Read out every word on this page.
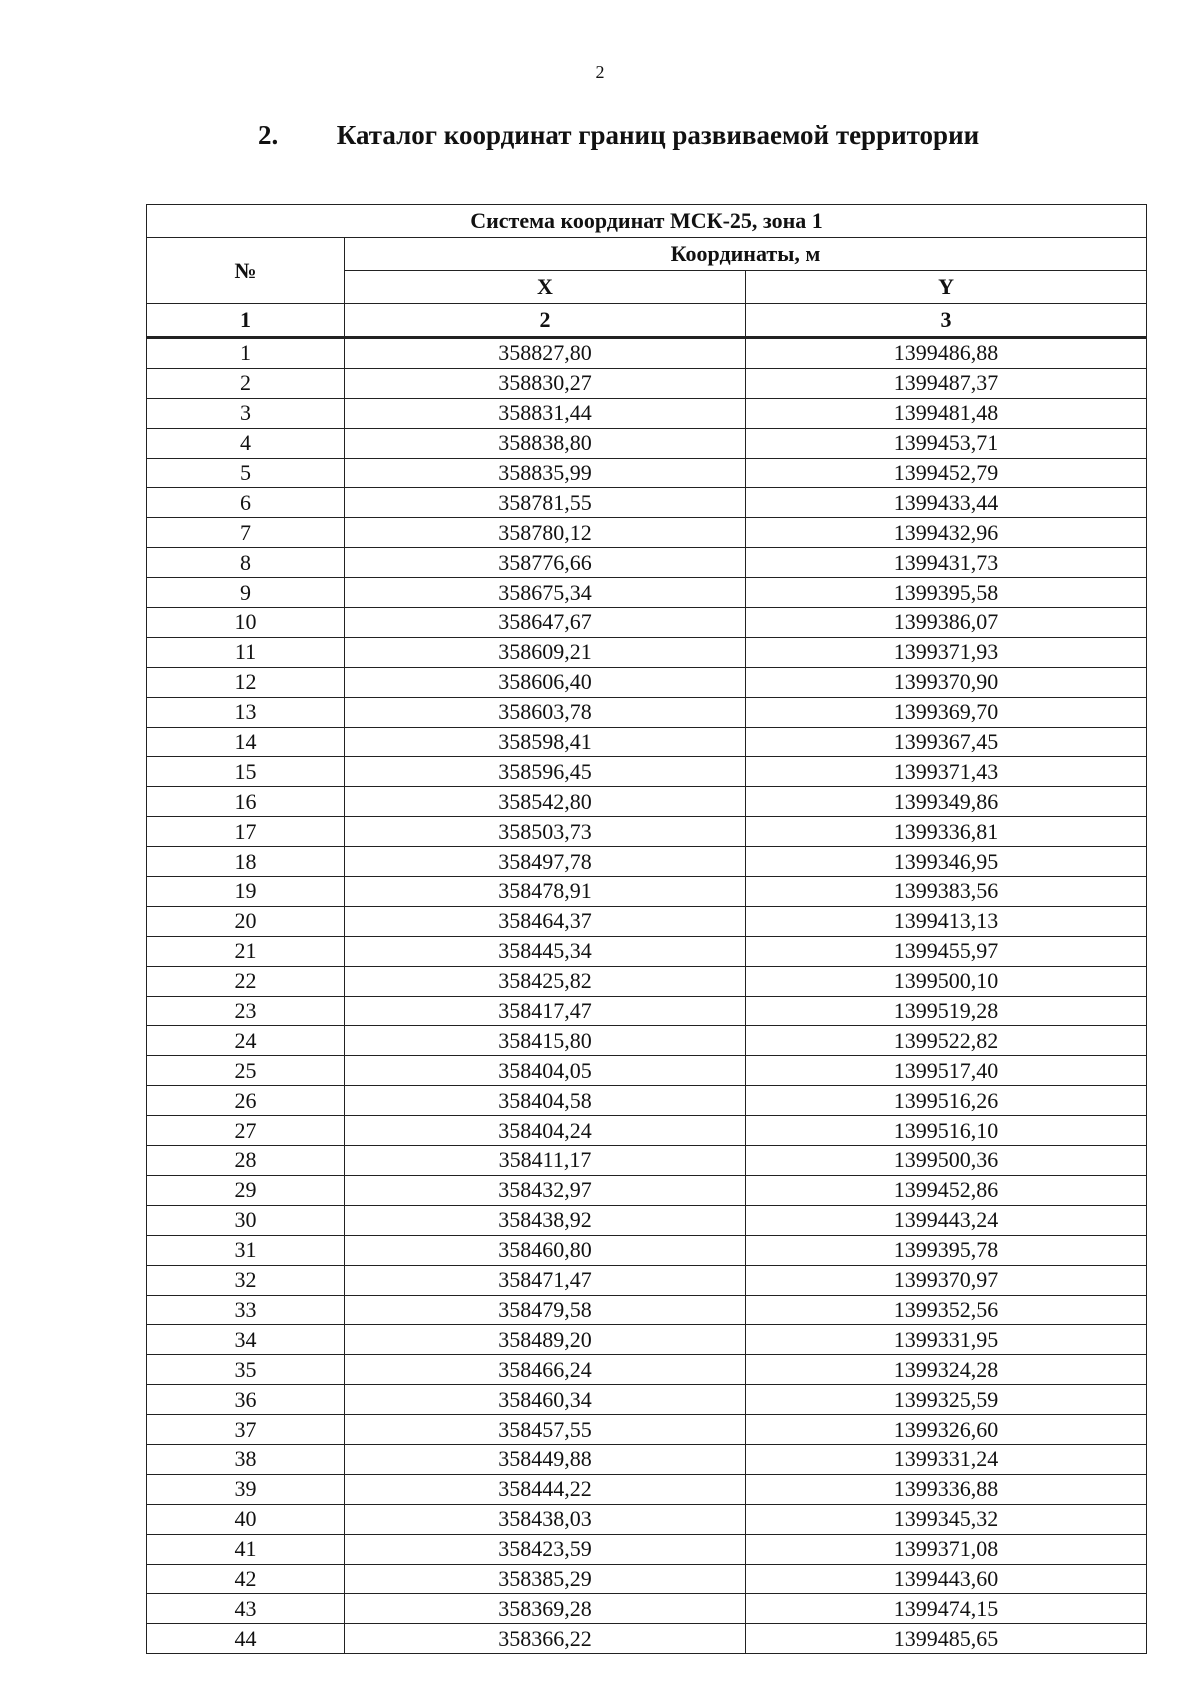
2
2. Каталог координат границ развиваемой территории
Система координат МСК-25, зона 1		
№	Координаты, м	
	X	Y
1	2	3
1	358827,80	1399486,88
2	358830,27	1399487,37
3	358831,44	1399481,48
4	358838,80	1399453,71
5	358835,99	1399452,79
6	358781,55	1399433,44
7	358780,12	1399432,96
8	358776,66	1399431,73
9	358675,34	1399395,58
10	358647,67	1399386,07
11	358609,21	1399371,93
12	358606,40	1399370,90
13	358603,78	1399369,70
14	358598,41	1399367,45
15	358596,45	1399371,43
16	358542,80	1399349,86
17	358503,73	1399336,81
18	358497,78	1399346,95
19	358478,91	1399383,56
20	358464,37	1399413,13
21	358445,34	1399455,97
22	358425,82	1399500,10
23	358417,47	1399519,28
24	358415,80	1399522,82
25	358404,05	1399517,40
26	358404,58	1399516,26
27	358404,24	1399516,10
28	358411,17	1399500,36
29	358432,97	1399452,86
30	358438,92	1399443,24
31	358460,80	1399395,78
32	358471,47	1399370,97
33	358479,58	1399352,56
34	358489,20	1399331,95
35	358466,24	1399324,28
36	358460,34	1399325,59
37	358457,55	1399326,60
38	358449,88	1399331,24
39	358444,22	1399336,88
40	358438,03	1399345,32
41	358423,59	1399371,08
42	358385,29	1399443,60
43	358369,28	1399474,15
44	358366,22	1399485,65
